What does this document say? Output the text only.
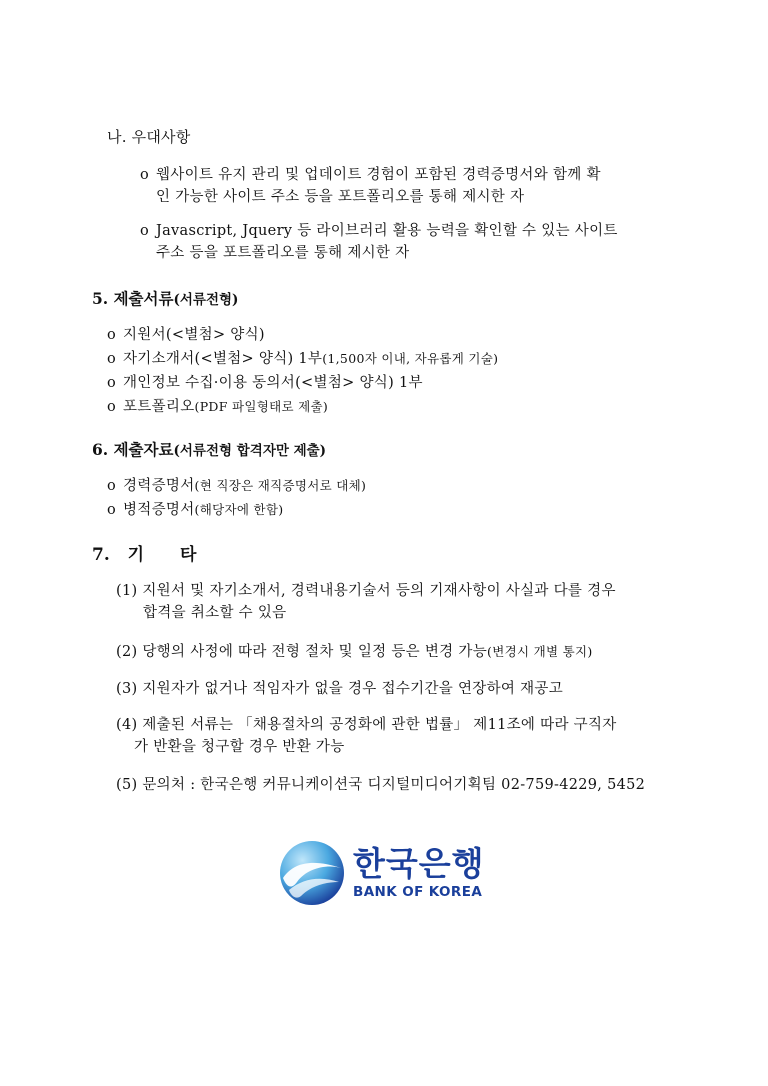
나. 우대사항
o 웹사이트 유지 관리 및 업데이트 경험이 포함된 경력증명서와 함께 확
인 가능한 사이트 주소 등을 포트폴리오를 통해 제시한 자
o Javascript, Jquery 등 라이브러리 활용 능력을 확인할 수 있는 사이트
주소 등을 포트폴리오를 통해 제시한 자
5. 제출서류(서류전형)
o 지원서(<별첨> 양식)
o 자기소개서(<별첨> 양식) 1부(1,500자 이내, 자유롭게 기술)
o 개인정보 수집·이용 동의서(<별첨> 양식) 1부
o 포트폴리오(PDF 파일형태로 제출)
6. 제출자료(서류전형 합격자만 제출)
o 경력증명서(현 직장은 재직증명서로 대체)
o 병적증명서(해당자에 한함)
7. 기 타
(1) 지원서 및 자기소개서, 경력내용기술서 등의 기재사항이 사실과 다를 경우
합격을 취소할 수 있음
(2) 당행의 사정에 따라 전형 절차 및 일정 등은 변경 가능(변경시 개별 통지)
(3) 지원자가 없거나 적임자가 없을 경우 접수기간을 연장하여 재공고
(4) 제출된 서류는 「채용절차의 공정화에 관한 법률」 제11조에 따라 구직자
가 반환을 청구할 경우 반환 가능
(5) 문의처 : 한국은행 커뮤니케이션국 디지털미디어기획팀 02-759-4229, 5452
한국은행
BANK OF KOREA
